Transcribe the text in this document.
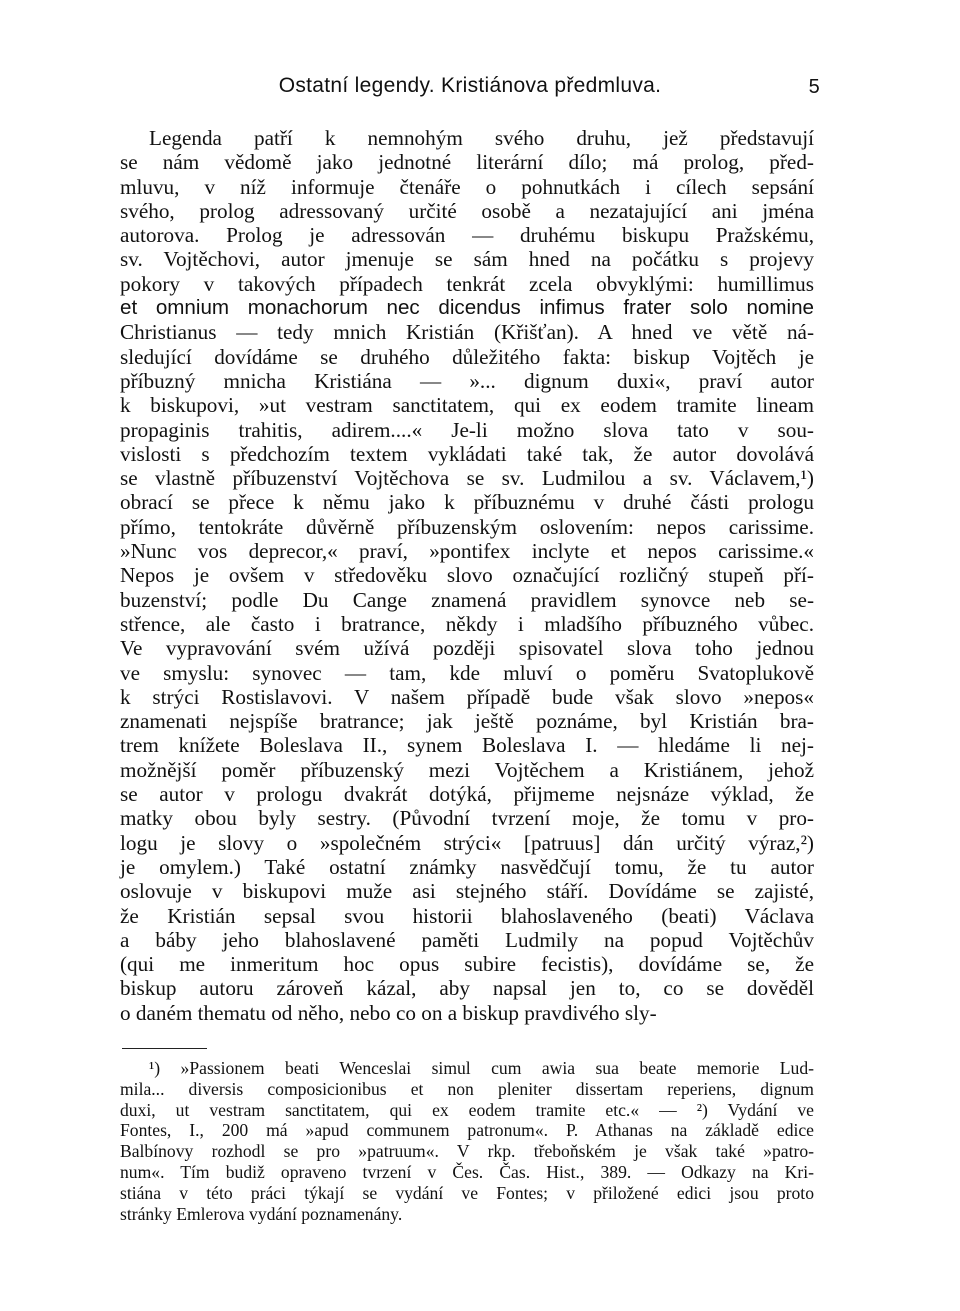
Ostatní legendy. Kristiánova předmluva.	5
Legenda patří k nemnohým svého druhu, jež představují
se nám vědomě jako jednotné literární dílo; má prolog, před-
mluvu, v níž informuje čtenáře o pohnutkách i cílech sepsání
svého, prolog adressovaný určité osobě a nezatajující ani jména
autorova. Prolog je adressován — druhému biskupu Pražskému,
sv. Vojtěchovi, autor jmenuje se sám hned na počátku s projevy
pokory v takových případech tenkrát zcela obvyklými: humillimus
et omnium monachorum nec dicendus infimus frater solo nomine
Christianus — tedy mnich Kristián (Křišťan). A hned ve větě ná-
sledující dovídáme se druhého důležitého fakta: biskup Vojtěch je
příbuzný mnicha Kristiána — »... dignum duxi«, praví autor
k biskupovi, »ut vestram sanctitatem, qui ex eodem tramite lineam
propaginis trahitis, adirem....« Je-li možno slova tato v sou-
vislosti s předchozím textem vykládati také tak, že autor dovolává
se vlastně příbuzenství Vojtěchova se sv. Ludmilou a sv. Václavem,¹)
obrací se přece k němu jako k příbuznému v druhé části prologu
přímo, tentokráte důvěrně příbuzenským oslovením: nepos carissime.
»Nunc vos deprecor,« praví, »pontifex inclyte et nepos carissime.«
Nepos je ovšem v středověku slovo označující rozličný stupeň pří-
buzenství; podle Du Cange znamená pravidlem synovce neb se-
střence, ale často i bratrance, někdy i mladšího příbuzného vůbec.
Ve vypravování svém užívá později spisovatel slova toho jednou
ve smyslu: synovec — tam, kde mluví o poměru Svatoplukově
k strýci Rostislavovi. V našem případě bude však slovo »nepos«
znamenati nejspíše bratrance; jak ještě poznáme, byl Kristián bra-
trem knížete Boleslava II., synem Boleslava I. — hledáme li nej-
možnější poměr příbuzenský mezi Vojtěchem a Kristiánem, jehož
se autor v prologu dvakrát dotýká, přijmeme nejsnáze výklad, že
matky obou byly sestry. (Původní tvrzení moje, že tomu v pro-
logu je slovy o »společném strýci« [patruus] dán určitý výraz,²)
je omylem.) Také ostatní známky nasvědčují tomu, že tu autor
oslovuje v biskupovi muže asi stejného stáří. Dovídáme se zajisté,
že Kristián sepsal svou historii blahoslaveného (beati) Václava
a báby jeho blahoslavené paměti Ludmily na popud Vojtěchův
(qui me inmeritum hoc opus subire fecistis), dovídáme se, že
biskup autoru zároveň kázal, aby napsal jen to, co se dověděl
o daném thematu od něho, nebo co on a biskup pravdivého sly-
¹) »Passionem beati Wenceslai simul cum awia sua beate memorie Lud-
mila... diversis composicionibus et non pleniter dissertam reperiens, dignum
duxi, ut vestram sanctitatem, qui ex eodem tramite etc.« — ²) Vydání ve
Fontes, I., 200 má »apud communem patronum«. P. Athanas na základě edice
Balbínovy rozhodl se pro »patruum«. V rkp. třeboňském je však také »patro-
num«. Tím budiž opraveno tvrzení v Čes. Čas. Hist., 389. — Odkazy na Kri-
stiána v této práci týkají se vydání ve Fontes; v přiložené edici jsou proto
stránky Emlerova vydání poznamenány.
